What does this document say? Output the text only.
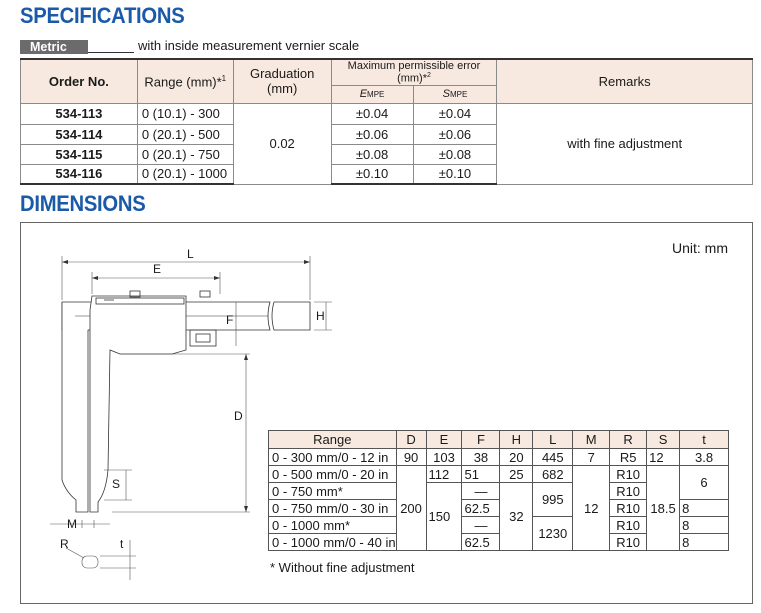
SPECIFICATIONS
Metric	with inside measurement vernier scale
Order No.	Range (mm)*$^1$	Graduation (mm)	Maximum permissible error (mm)*$^2$		Remarks
			EMPE	SMPE	
534-113	0 (10.1) - 300	0.02	±0.04	±0.04	with fine adjustment
534-114	0 (20.1) - 500		±0.06	±0.06	
534-115	0 (20.1) - 750		±0.08	±0.08	
534-116	0 (20.1) - 1000		±0.10	±0.10	
DIMENSIONS
Unit: mm
L
E
H
F
D
S
M
R	t
Range	D	E	F	H	L	M	R	S	t
0 - 300 mm/0 - 12 in	90	103	38	20	445	7	R5	12	3.8
0 - 500 mm/0 - 20 in	200	112	51	25	682	12	R10	18.5	6
0 - 750 mm*		150	—	32	995		R10		
0 - 750 mm/0 - 30 in			62.5				R10		8
0 - 1000 mm*			—		1230		R10		8
0 - 1000 mm/0 - 40 in			62.5				R10		8
* Without fine adjustment
